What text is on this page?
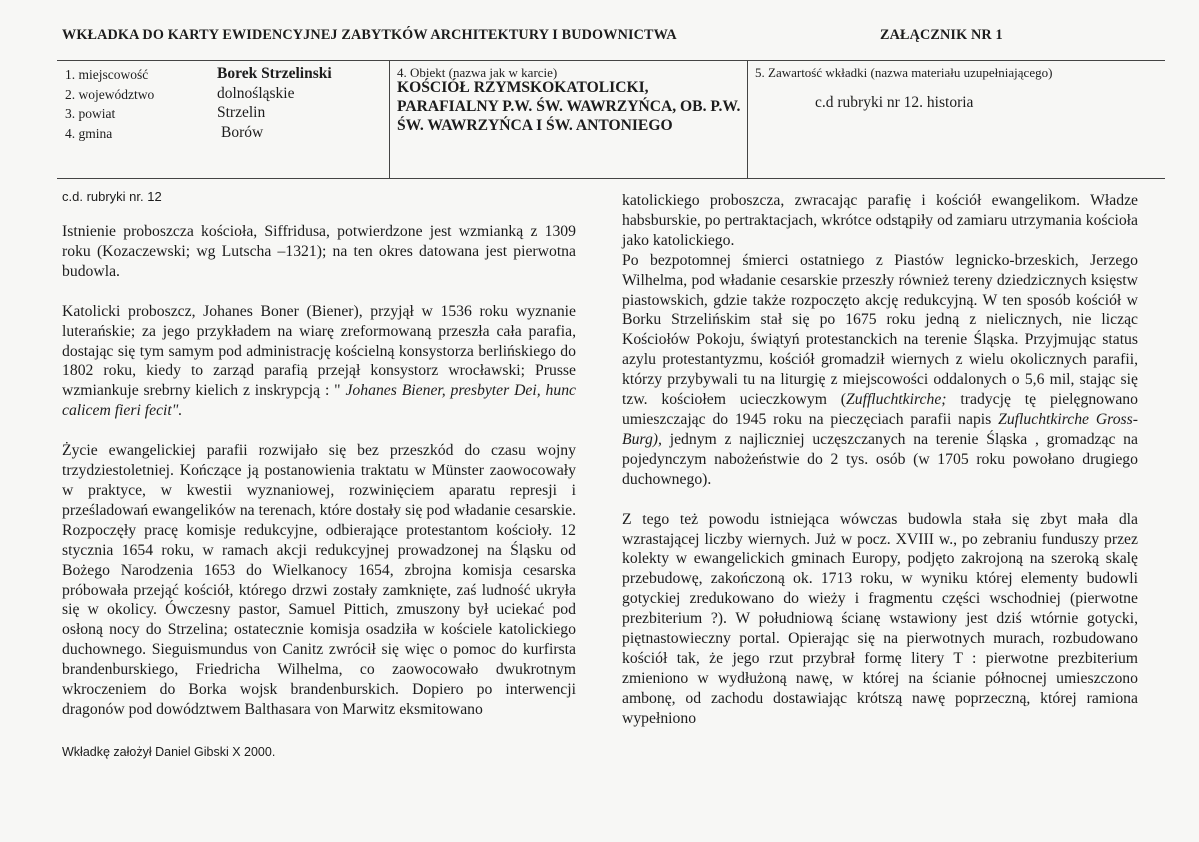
WKŁADKA DO KARTY EWIDENCYJNEJ ZABYTKÓW ARCHITEKTURY I BUDOWNICTWA	ZAŁĄCZNIK NR 1
1. miejscowość
2. województwo
3. powiat
4. gmina
Borek Strzelinski
dolnośląskie
Strzelin
Borów
4. Obiekt (nazwa jak w karcie)
KOŚCIÓŁ RZYMSKOKATOLICKI, PARAFIALNY P.W. ŚW. WAWRZYŃCA, OB. P.W. ŚW. WAWRZYŃCA I ŚW. ANTONIEGO
5. Zawartość wkładki (nazwa materiału uzupełniającego)
c.d rubryki nr 12. historia
c.d. rubryki nr. 12

Istnienie proboszcza kościoła, Siffridusa, potwierdzone jest wzmianką z 1309 roku (Kozaczewski; wg Lutscha –1321); na ten okres datowana jest pierwotna budowla.

Katolicki proboszcz, Johanes Boner (Biener), przyjął w 1536 roku wyznanie luterańskie; za jego przykładem na wiarę zreformowaną przeszła cała parafia, dostając się tym samym pod administrację kościelną konsystorza berlińskiego do 1802 roku, kiedy to zarząd parafią przejął konsystorz wrocławski; Prusse wzmiankuje srebrny kielich z inskrypcją : " Johanes Biener, presbyter Dei, hunc calicem fieri fecit".

Życie ewangelickiej parafii rozwijało się bez przeszkód do czasu wojny trzydziestoletniej. Kończące ją postanowienia traktatu w Münster zaowocowały w praktyce, w kwestii wyznaniowej, rozwinięciem aparatu represji i prześladowań ewangelików na terenach, które dostały się pod władanie cesarskie. Rozpoczęły pracę komisje redukcyjne, odbierające protestantom kościoły. 12 stycznia 1654 roku, w ramach akcji redukcyjnej prowadzonej na Śląsku od Bożego Narodzenia 1653 do Wielkanocy 1654, zbrojna komisja cesarska próbowała przejąć kościół, którego drzwi zostały zamknięte, zaś ludność ukryła się w okolicy. Ówczesny pastor, Samuel Pittich, zmuszony był uciekać pod osłoną nocy do Strzelina; ostatecznie komisja osadziła w kościele katolickiego duchownego. Sieguismundus von Canitz zwrócił się więc o pomoc do kurfirsta brandenburskiego, Friedricha Wilhelma, co zaowocowało dwukrotnym wkroczeniem do Borka wojsk brandenburskich. Dopiero po interwencji dragonów pod dowództwem Balthasara von Marwitz eksmitowano

Wkładkę założył Daniel Gibski X 2000.

katolickiego proboszcza, zwracając parafię i kościół ewangelikom. Władze habsburskie, po pertraktacjach, wkrótce odstąpiły od zamiaru utrzymania kościoła jako katolickiego.

Po bezpotomnej śmierci ostatniego z Piastów legnicko-brzeskich, Jerzego Wilhelma, pod władanie cesarskie przeszły również tereny dziedzicznych księstw piastowskich, gdzie także rozpoczęto akcję redukcyjną. W ten sposób kościół w Borku Strzelińskim stał się po 1675 roku jedną z nielicznych, nie licząc Kościołów Pokoju, świątyń protestanckich na terenie Śląska. Przyjmując status azylu protestantyzmu, kościół gromadził wiernych z wielu okolicznych parafii, którzy przybywali tu na liturgię z miejscowości oddalonych o 5,6 mil, stając się tzw. kościołem ucieczkowym (Zuffluchtkirche; tradycję tę pielęgnowano umieszczając do 1945 roku na pieczęciach parafii napis Zufluchtkirche Gross-Burg), jednym z najliczniej uczęszczanych na terenie Śląska , gromadząc na pojedynczym nabożeństwie do 2 tys. osób (w 1705 roku powołano drugiego duchownego).

Z tego też powodu istniejąca wówczas budowla stała się zbyt mała dla wzrastającej liczby wiernych. Już w pocz. XVIII w., po zebraniu funduszy przez kolekty w ewangelickich gminach Europy, podjęto zakrojoną na szeroką skalę przebudowę, zakończoną ok. 1713 roku, w wyniku której elementy budowli gotyckiej zredukowano do wieży i fragmentu części wschodniej (pierwotne prezbiterium ?). W południową ścianę wstawiony jest dziś wtórnie gotycki, piętnastowieczny portal. Opierając się na pierwotnych murach, rozbudowano kościół tak, że jego rzut przybrał formę litery T : pierwotne prezbiterium zmieniono w wydłużoną nawę, w której na ścianie północnej umieszczono ambonę, od zachodu dostawiając krótszą nawę poprzeczną, której ramiona wypełniono
